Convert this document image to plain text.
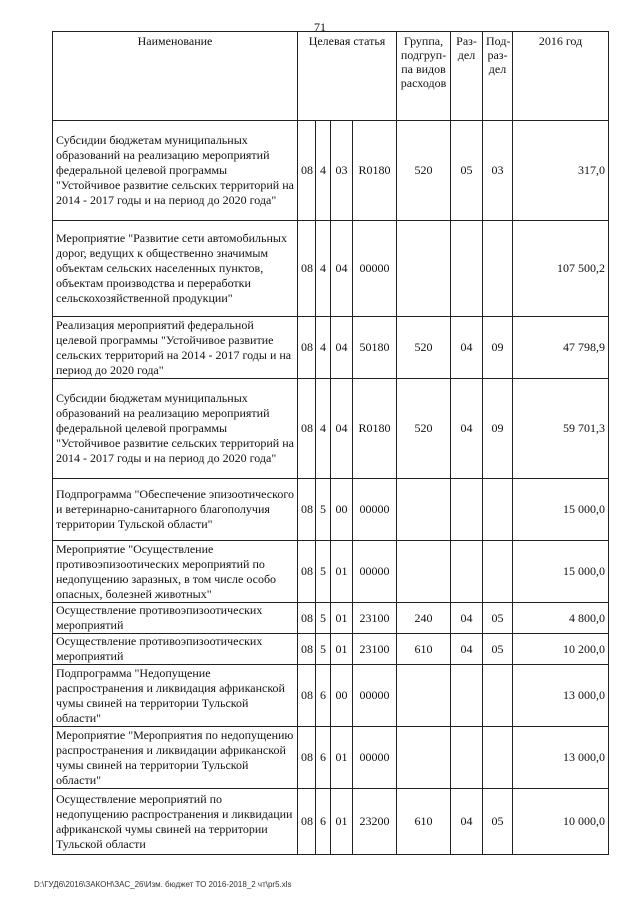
71
Наименование	Целевая статья				Группа, подгруп-па видов расходов	Раз-дел	Под-раз-дел	2016 год
Субсидии бюджетам муниципальных образований на реализацию мероприятий федеральной целевой программы "Устойчивое развитие сельских территорий на 2014 - 2017 годы и на период до 2020 года"	08	4	03	R0180	520	05	03	317,0
Мероприятие "Развитие сети автомобильных дорог, ведущих к общественно значимым объектам сельских населенных пунктов, объектам производства и переработки сельскохозяйственной продукции"	08	4	04	00000				107 500,2
Реализация мероприятий федеральной целевой программы "Устойчивое развитие сельских территорий на 2014 - 2017 годы и на период до 2020 года"	08	4	04	50180	520	04	09	47 798,9
Субсидии бюджетам муниципальных образований на реализацию мероприятий федеральной целевой программы "Устойчивое развитие сельских территорий на 2014 - 2017 годы и на период до 2020 года"	08	4	04	R0180	520	04	09	59 701,3
Подпрограмма "Обеспечение эпизоотического и ветеринарно-санитарного благополучия территории Тульской области"	08	5	00	00000				15 000,0
Мероприятие "Осуществление противоэпизоотических мероприятий по недопущению заразных, в том числе особо опасных, болезней животных"	08	5	01	00000				15 000,0
Осуществление противоэпизоотических мероприятий	08	5	01	23100	240	04	05	4 800,0
Осуществление противоэпизоотических мероприятий	08	5	01	23100	610	04	05	10 200,0
Подпрограмма "Недопущение распространения и ликвидация африканской чумы свиней на территории Тульской области"	08	6	00	00000				13 000,0
Мероприятие "Мероприятия по недопущению распространения и ликвидации африканской чумы свиней на территории Тульской области"	08	6	01	00000				13 000,0
Осуществление мероприятий по недопущению распространения и ликвидации африканской чумы свиней на территории Тульской области	08	6	01	23200	610	04	05	10 000,0
D:\ГУД6\2016\ЗАКОН\ЗАС_26\Изм. бюджет ТО 2016-2018_2 чт\pr5.xls
